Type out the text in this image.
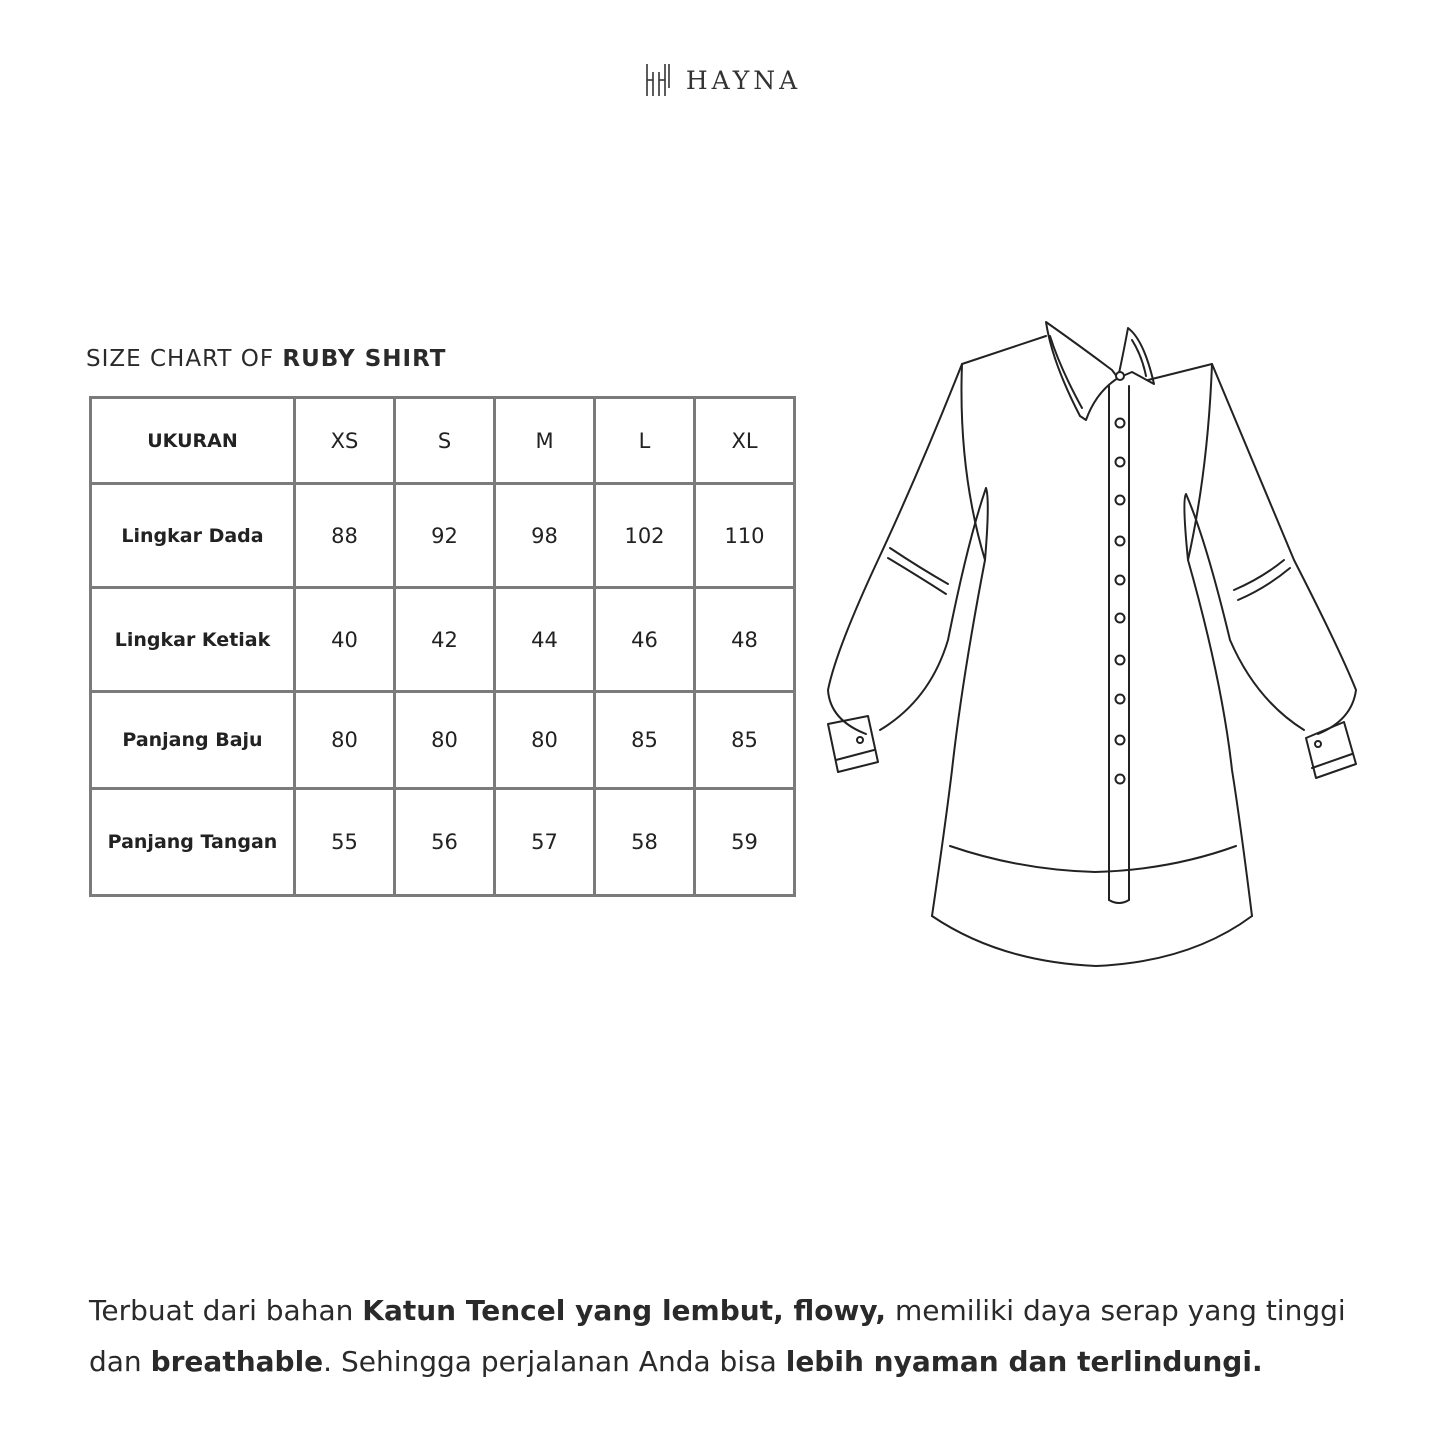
HAYNA
SIZE CHART OF RUBY SHIRT
UKURAN	XS	S	M	L	XL
Lingkar Dada	88	92	98	102	110
Lingkar Ketiak	40	42	44	46	48
Panjang Baju	80	80	80	85	85
Panjang Tangan	55	56	57	58	59
Terbuat dari bahan Katun Tencel yang lembut, flowy, memiliki daya serap yang tinggi
dan breathable. Sehingga perjalanan Anda bisa lebih nyaman dan terlindungi.
